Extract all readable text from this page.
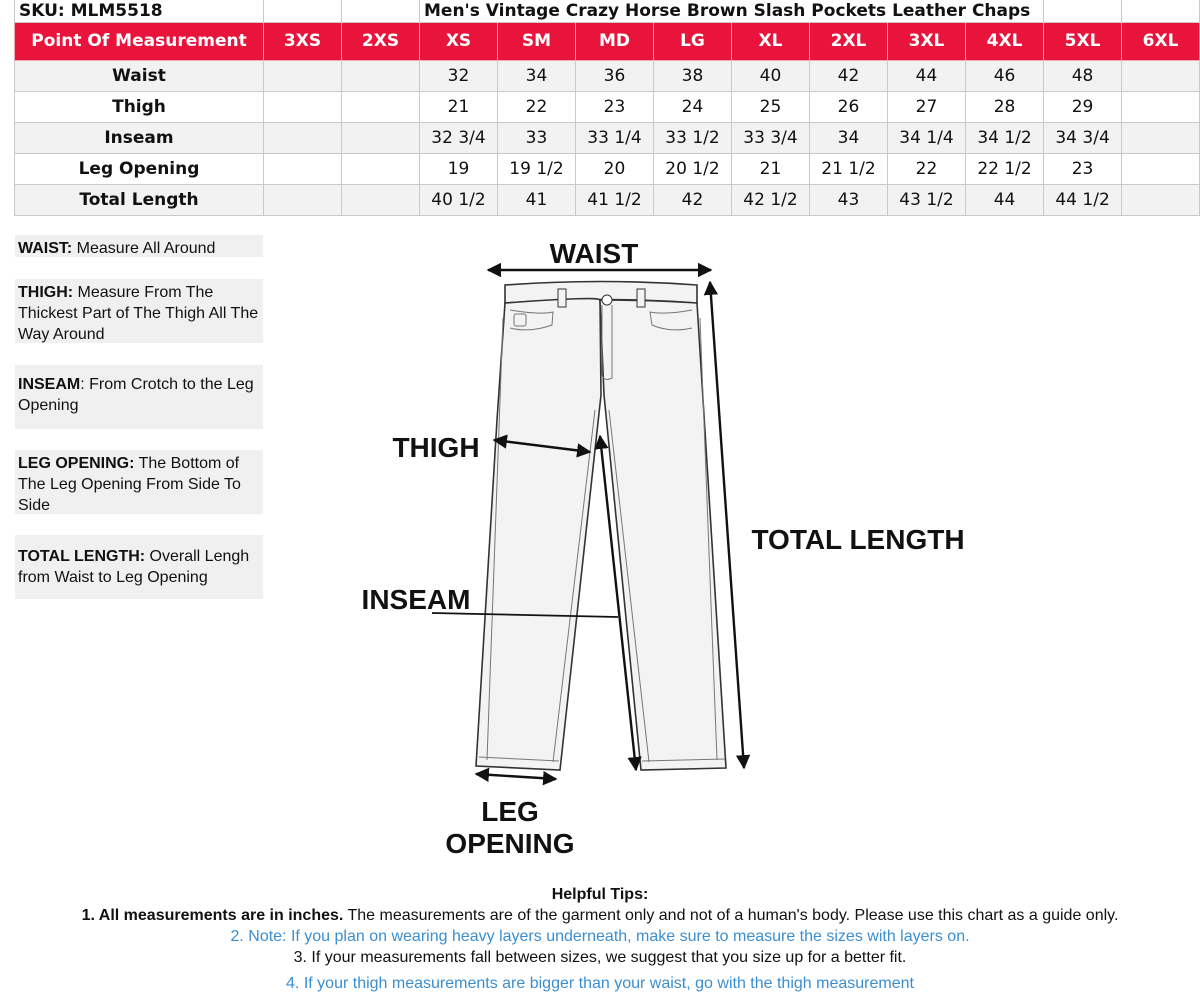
SKU: MLM5518			Men's Vintage Crazy Horse Brown Slash Pockets Leather Chaps									
Point Of Measurement	3XS	2XS	XS	SM	MD	LG	XL	2XL	3XL	4XL	5XL	6XL
Waist			32	34	36	38	40	42	44	46	48	
Thigh			21	22	23	24	25	26	27	28	29	
Inseam			32 3/4	33	33 1/4	33 1/2	33 3/4	34	34 1/4	34 1/2	34 3/4	
Leg Opening			19	19 1/2	20	20 1/2	21	21 1/2	22	22 1/2	23	
Total Length			40 1/2	41	41 1/2	42	42 1/2	43	43 1/2	44	44 1/2	
WAIST: Measure All Around
THIGH: Measure From The Thickest Part of The Thigh All The Way Around
INSEAM: From Crotch to the Leg Opening
LEG OPENING: The Bottom of The Leg Opening From Side To Side
TOTAL LENGTH: Overall Lengh from Waist to Leg Opening
WAIST
THIGH
INSEAM
TOTAL LENGTH
LEG
OPENING
Helpful Tips:
1. All measurements are in inches. The measurements are of the garment only and not of a human's body. Please use this chart as a guide only.
2. Note: If you plan on wearing heavy layers underneath, make sure to measure the sizes with layers on.
3. If your measurements fall between sizes, we suggest that you size up for a better fit.
4. If your thigh measurements are bigger than your waist, go with the thigh measurement
